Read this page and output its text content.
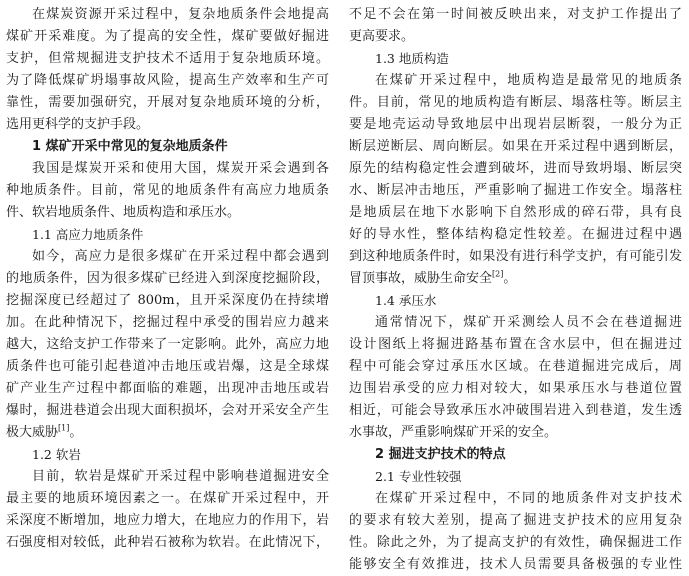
在煤炭资源开采过程中，复杂地质条件会地提高
煤矿开采难度。为了提高的安全性，煤矿要做好掘进
支护，但常规掘进支护技术不适用于复杂地质环境。
为了降低煤矿坍塌事故风险，提高生产效率和生产可
靠性，需要加强研究，开展对复杂地质环境的分析，
选用更科学的支护手段。
1 煤矿开采中常见的复杂地质条件
我国是煤炭开采和使用大国，煤炭开采会遇到各
种地质条件。目前，常见的地质条件有高应力地质条
件、软岩地质条件、地质构造和承压水。
1.1 高应力地质条件
如今，高应力是很多煤矿在开采过程中都会遇到
的地质条件，因为很多煤矿已经进入到深度挖掘阶段，
挖掘深度已经超过了 800m，且开采深度仍在持续增
加。在此种情况下，挖掘过程中承受的围岩应力越来
越大，这给支护工作带来了一定影响。此外，高应力地
质条件也可能引起巷道冲击地压或岩爆，这是全球煤
矿产业生产过程中都面临的难题，出现冲击地压或岩
爆时，掘进巷道会出现大面积损坏，会对开采安全产生
极大威胁[1]。
1.2 软岩
目前，软岩是煤矿开采过程中影响巷道掘进安全
最主要的地质环境因素之一。在煤矿开采过程中，开
采深度不断增加，地应力增大，在地应力的作用下，岩
石强度相对较低，此种岩石被称为软岩。在此情况下，
不足不会在第一时间被反映出来，对支护工作提出了
更高要求。
1.3 地质构造
在煤矿开采过程中，地质构造是最常见的地质条
件。目前，常见的地质构造有断层、塌落柱等。断层主
要是地壳运动导致地层中出现岩层断裂，一般分为正
断层逆断层、周向断层。如果在开采过程中遇到断层，
原先的结构稳定性会遭到破坏，进而导致坍塌、断层突
水、断层冲击地压，严重影响了掘进工作安全。塌落柱
是地质层在地下水影响下自然形成的碎石带，具有良
好的导水性，整体结构稳定性较差。在掘进过程中遇
到这种地质条件时，如果没有进行科学支护，有可能引发
冒顶事故，威胁生命安全[2]。
1.4 承压水
通常情况下，煤矿开采测绘人员不会在巷道掘进
设计图纸上将掘进路基布置在含水层中，但在掘进过
程中可能会穿过承压水区域。在巷道掘进完成后，周
边围岩承受的应力相对较大，如果承压水与巷道位置
相近，可能会导致承压水冲破围岩进入到巷道，发生透
水事故，严重影响煤矿开采的安全。
2 掘进支护技术的特点
2.1 专业性较强
在煤矿开采过程中，不同的地质条件对支护技术
的要求有较大差别，提高了掘进支护技术的应用复杂
性。除此之外，为了提高支护的有效性，确保掘进工作
能够安全有效推进，技术人员需要具备极强的专业性
